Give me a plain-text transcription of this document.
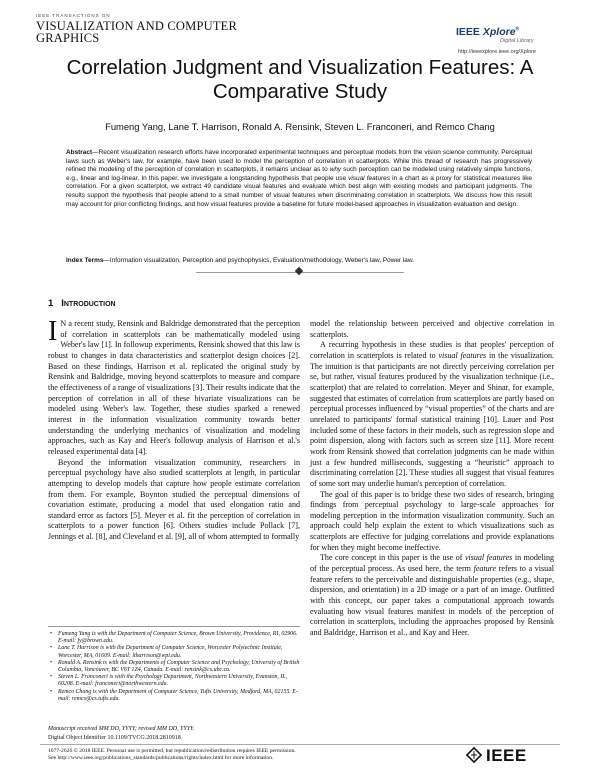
IEEE TRANSACTIONS ON
VISUALIZATION AND COMPUTER GRAPHICS	IEEE Xplore®
Digital Library
http://ieeexplore.ieee.org/Xplore
Correlation Judgment and Visualization Features: A Comparative Study
Fumeng Yang, Lane T. Harrison, Ronald A. Rensink, Steven L. Franconeri, and Remco Chang
Abstract—Recent visualization research efforts have incorporated experimental techniques and perceptual models from the vision science community. Perceptual laws such as Weber's law, for example, have been used to model the perception of correlation in scatterplots. While this thread of research has progressively refined the modeling of the perception of correlation in scatterplots, it remains unclear as to why such perception can be modeled using relatively simple functions, e.g., linear and log-linear. In this paper, we investigate a longstanding hypothesis that people use visual features in a chart as a proxy for statistical measures like correlation. For a given scatterplot, we extract 49 candidate visual features and evaluate which best align with existing models and participant judgments. The results support the hypothesis that people attend to a small number of visual features when discriminating correlation in scatterplots. We discuss how this result may account for prior conflicting findings, and how visual features provide a baseline for future model-based approaches in visualization evaluation and design.
Index Terms—Information visualization, Perception and psychophysics, Evaluation/methodology, Weber's law, Power law.
1 Introduction

I N a recent study, Rensink and Baldridge demonstrated that the perception of correlation in scatterplots can be mathematically modeled using Weber's law [1]. In followup experiments, Rensink showed that this law is robust to changes in data characteristics and scatterplot design choices [2]. Based on these findings, Harrison et al. replicated the original study by Rensink and Baldridge, moving beyond scatterplots to measure and compare the effectiveness of a range of visualizations [3]. Their results indicate that the perception of correlation in all of these bivariate visualizations can be modeled using Weber's law. Together, these studies sparked a renewed interest in the information visualization community towards better understanding the underlying mechanics of visualization and modeling approaches, such as Kay and Heer's followup analysis of Harrison et al.'s released experimental data [4].

Beyond the information visualization community, researchers in perceptual psychology have also studied scatterplots at length, in particular attempting to develop models that capture how people estimate correlation from them. For example, Boynton studied the perceptual dimensions of covariation estimate, producing a model that used elongation ratio and standard error as factors [5]. Meyer et al. fit the perception of correlation in scatterplots to a power function [6]. Others studies include Pollack [7], Jennings et al. [8], and Cleveland et al. [9], all of whom attempted to formally

• Fumeng Yang is with the Department of Computer Science, Brown University, Providence, RI, 02906. E-mail: fy@brown.edu.
• Lane T. Harrison is with the Department of Computer Science, Worcester Polytechnic Institute, Worcester, MA, 01609. E-mail: ltharrison@wpi.edu.
• Ronald A. Rensink is with the Departments of Computer Science and Psychology, University of British Columbia, Vancouver, BC V6T 1Z4, Canada. E-mail: rensink@cs.ubc.ca.
• Steven L. Franconeri is with the Psychology Department, Northwestern University, Evanston, IL, 60208. E-mail: franconeri@northwestern.edu.
• Remco Chang is with the Department of Computer Science, Tufts University, Medford, MA, 02155. E-mail: remco@cs.tufts.edu.
Manuscript received MM DD, YYYY; revised MM DD, YYYY.
Digital Object Identifier 10.1109/TVCG.2018.2810918

model the relationship between perceived and objective correlation in scatterplots.

A recurring hypothesis in these studies is that peoples' perception of correlation in scatterplots is related to visual features in the visualization. The intuition is that participants are not directly perceiving correlation per se, but rather, visual features produced by the visualization technique (i.e., scatterplot) that are related to correlation. Meyer and Shinar, for example, suggested that estimates of correlation from scatterplots are partly based on perceptual processes influenced by “visual properties” of the charts and are unrelated to participants' formal statistical training [10]. Lauer and Post included some of these factors in their models, such as regression slope and point dispersion, along with factors such as screen size [11]. More recent work from Rensink showed that correlation judgments can be made within just a few hundred milliseconds, suggesting a “heuristic” approach to discriminating correlation [2]. These studies all suggest that visual features of some sort may underlie human's perception of correlation.

The goal of this paper is to bridge these two sides of research, bringing findings from perceptual psychology to large-scale approaches for modeling perception in the information visualization community. Such an approach could help explain the extent to which visualizations such as scatterplots are effective for judging correlations and provide explanations for when they might become ineffective.

The core concept in this paper is the use of visual features in modeling of the perceptual process. As used here, the term feature refers to a visual feature refers to the perceivable and distinguishable properties (e.g., shape, dispersion, and orientation) in a 2D image or a part of an image. Outfitted with this concept, our paper takes a computational approach towards evaluating how visual features manifest in models of the perception of correlation in scatterplots, including the approaches proposed by Rensink and Baldridge, Harrison et al., and Kay and Heer.

1077-2626 © 2018 IEEE. Personal use is permitted, but republication/redistribution requires IEEE permission.
See http://www.ieee.org/publications_standards/publications/rights/index.html for more information.	IEEE
